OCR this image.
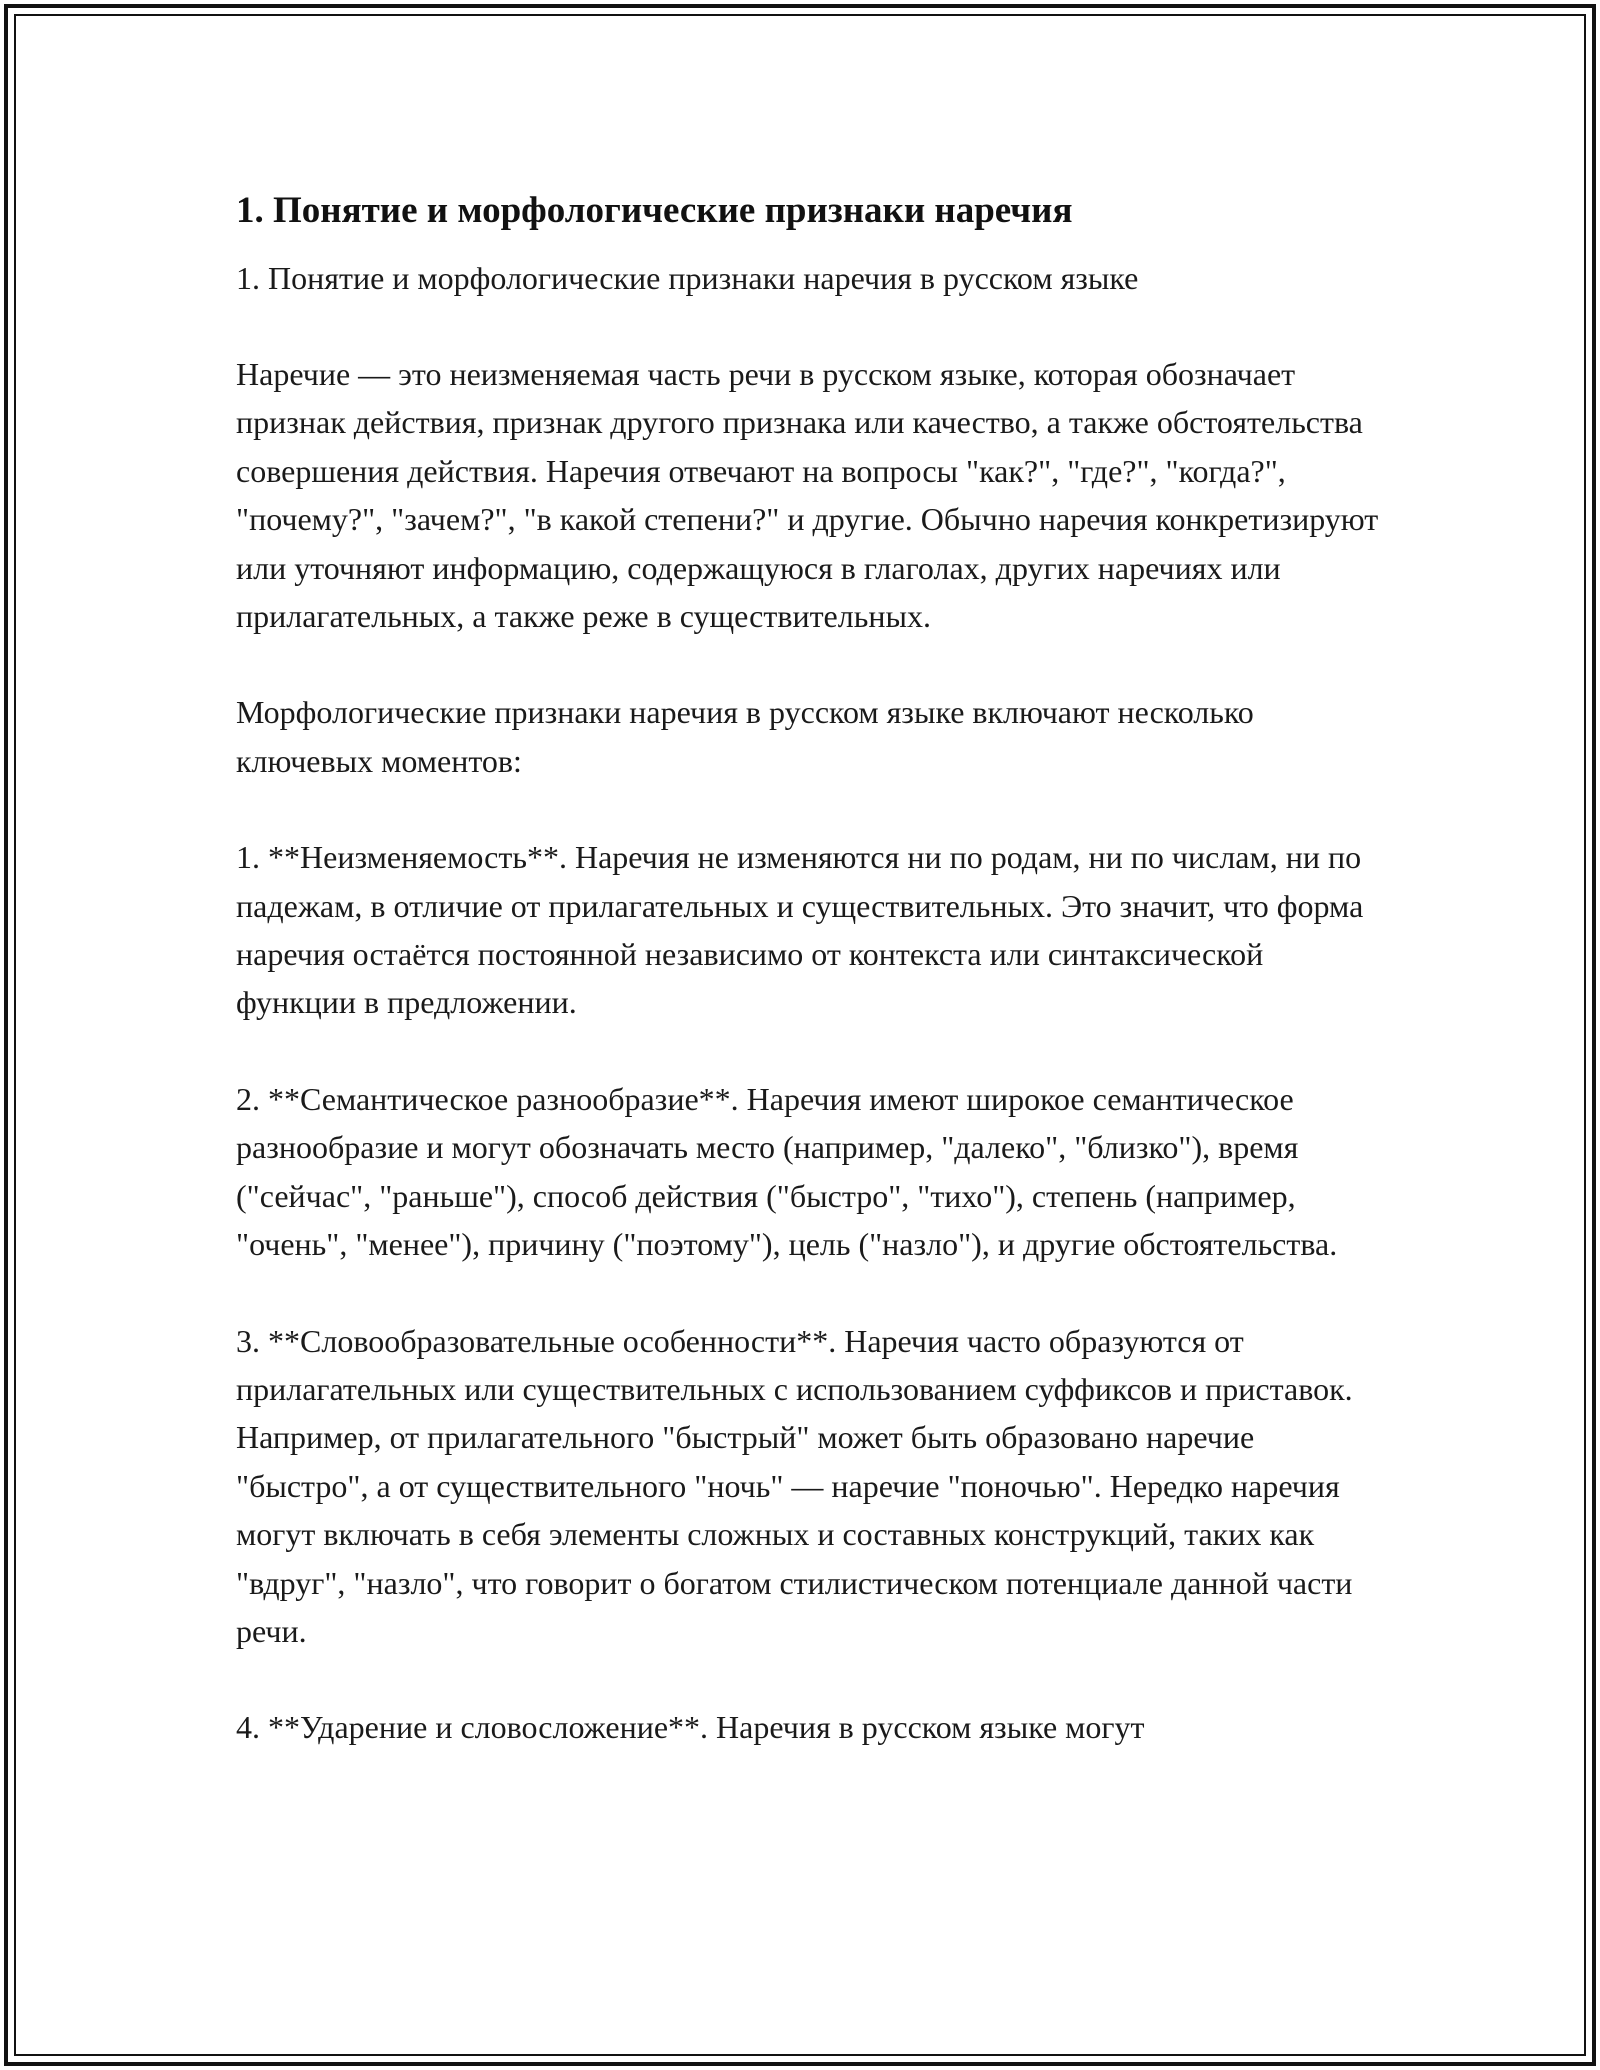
1. Понятие и морфологические признаки наречия

1. Понятие и морфологические признаки наречия в русском языке

Наречие — это неизменяемая часть речи в русском языке, которая обозначает признак действия, признак другого признака или качество, а также обстоятельства совершения действия. Наречия отвечают на вопросы "как?", "где?", "когда?", "почему?", "зачем?", "в какой степени?" и другие. Обычно наречия конкретизируют или уточняют информацию, содержащуюся в глаголах, других наречиях или прилагательных, а также реже в существительных.

Морфологические признаки наречия в русском языке включают несколько ключевых моментов:

1. **Неизменяемость**. Наречия не изменяются ни по родам, ни по числам, ни по падежам, в отличие от прилагательных и существительных. Это значит, что форма наречия остаётся постоянной независимо от контекста или синтаксической функции в предложении.

2. **Семантическое разнообразие**. Наречия имеют широкое семантическое разнообразие и могут обозначать место (например, "далеко", "близко"), время ("сейчас", "раньше"), способ действия ("быстро", "тихо"), степень (например, "очень", "менее"), причину ("поэтому"), цель ("назло"), и другие обстоятельства.

3. **Словообразовательные особенности**. Наречия часто образуются от прилагательных или существительных с использованием суффиксов и приставок. Например, от прилагательного "быстрый" может быть образовано наречие "быстро", а от существительного "ночь" — наречие "поночью". Нередко наречия могут включать в себя элементы сложных и составных конструкций, таких как "вдруг", "назло", что говорит о богатом стилистическом потенциале данной части речи.

4. **Ударение и словосложение**. Наречия в русском языке могут
